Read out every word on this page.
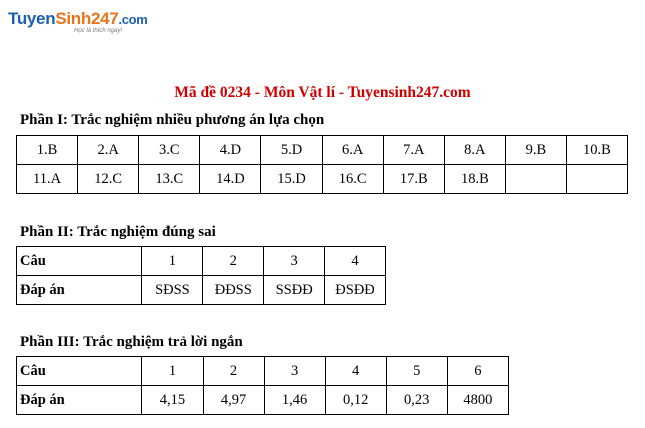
TuyenSinh247.com
Học là thích ngay!
Mã đề 0234 - Môn Vật lí - Tuyensinh247.com
Phần I: Trắc nghiệm nhiều phương án lựa chọn
1.B	2.A	3.C	4.D	5.D	6.A	7.A	8.A	9.B	10.B
11.A	12.C	13.C	14.D	15.D	16.C	17.B	18.B		
Phần II: Trắc nghiệm đúng sai
Câu	1	2	3	4
Đáp án	SĐSS	ĐĐSS	SSĐĐ	ĐSĐĐ
Phần III: Trắc nghiệm trả lời ngắn
Câu	1	2	3	4	5	6
Đáp án	4,15	4,97	1,46	0,12	0,23	4800
